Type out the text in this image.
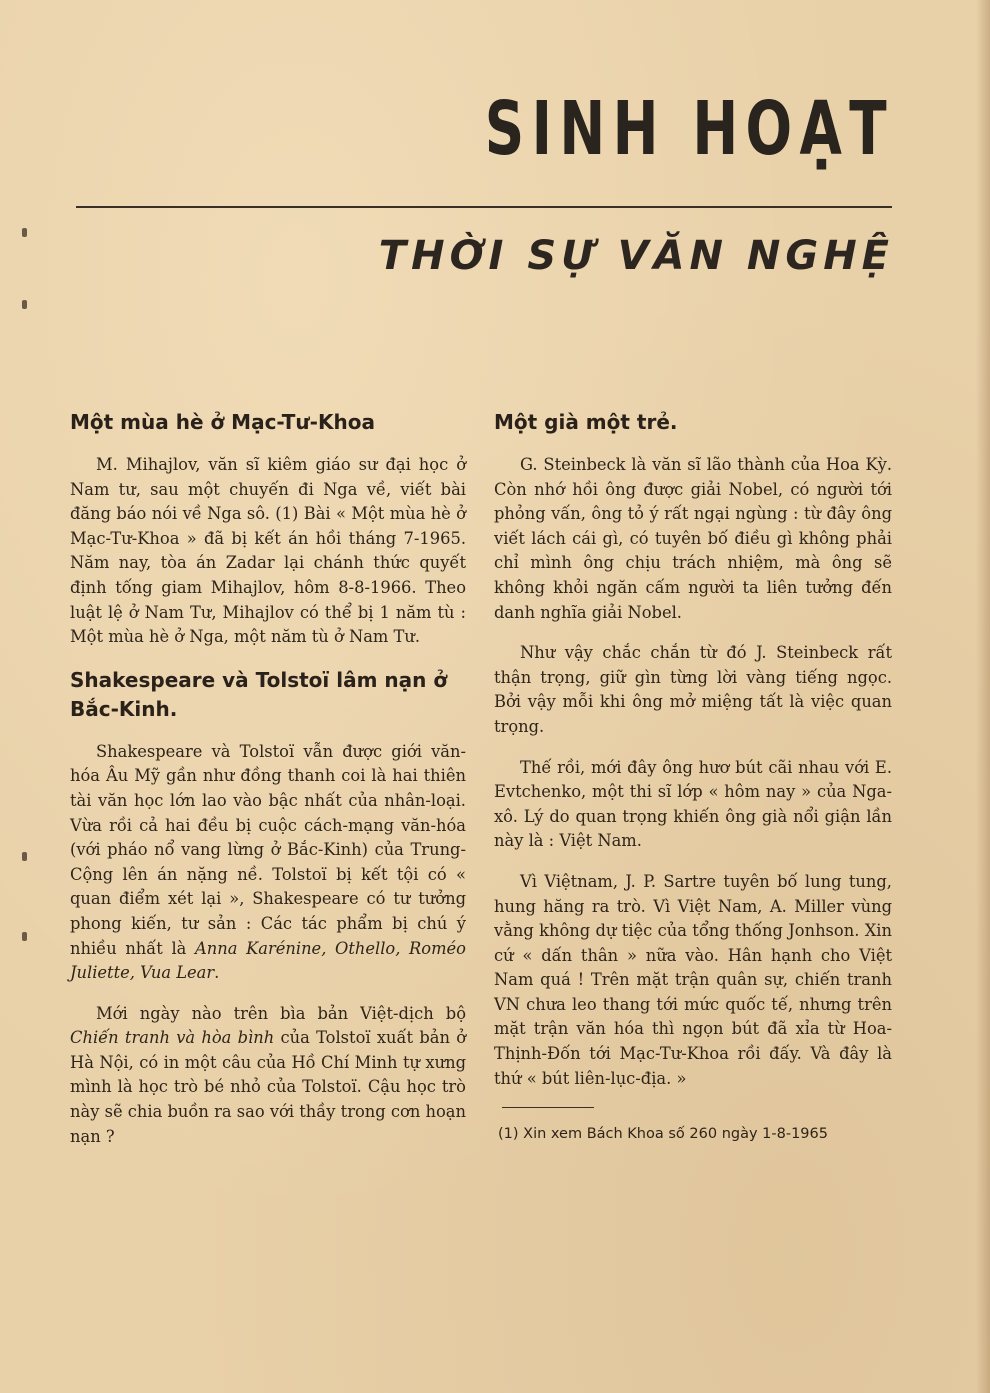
SINH HOẠT
THỜI SỰ VĂN NGHỆ
Một mùa hè ở Mạc-Tư-Khoa

M. Mihajlov, văn sĩ kiêm giáo sư đại học ở Nam tư, sau một chuyến đi Nga về, viết bài đăng báo nói về Nga sô. (1) Bài « Một mùa hè ở Mạc-Tư-Khoa » đã bị kết án hồi tháng 7-1965. Năm nay, tòa án Zadar lại chánh thức quyết định tống giam Mihajlov, hôm 8-8-1966. Theo luật lệ ở Nam Tư, Mihajlov có thể bị 1 năm tù : Một mùa hè ở Nga, một năm tù ở Nam Tư.

Shakespeare và Tolstoï lâm nạn ở Bắc-Kinh.

Shakespeare và Tolstoï vẫn được giới văn-hóa Âu Mỹ gần như đồng thanh coi là hai thiên tài văn học lớn lao vào bậc nhất của nhân-loại. Vừa rồi cả hai đều bị cuộc cách-mạng văn-hóa (với pháo nổ vang lừng ở Bắc-Kinh) của Trung-Cộng lên án nặng nề. Tolstoï bị kết tội có « quan điểm xét lại », Shakespeare có tư tưởng phong kiến, tư sản : Các tác phẩm bị chú ý nhiều nhất là Anna Karénine, Othello, Roméo Juliette, Vua Lear.

Mới ngày nào trên bìa bản Việt-dịch bộ Chiến tranh và hòa bình của Tolstoï xuất bản ở Hà Nội, có in một câu của Hồ Chí Minh tự xưng mình là học trò bé nhỏ của Tolstoï. Cậu học trò này sẽ chia buồn ra sao với thầy trong cơn hoạn nạn ?

Một già một trẻ.

G. Steinbeck là văn sĩ lão thành của Hoa Kỳ. Còn nhớ hồi ông được giải Nobel, có người tới phỏng vấn, ông tỏ ý rất ngại ngùng : từ đây ông viết lách cái gì, có tuyên bố điều gì không phải chỉ mình ông chịu trách nhiệm, mà ông sẽ không khỏi ngăn cấm người ta liên tưởng đến danh nghĩa giải Nobel.

Như vậy chắc chắn từ đó J. Steinbeck rất thận trọng, giữ gìn từng lời vàng tiếng ngọc. Bởi vậy mỗi khi ông mở miệng tất là việc quan trọng.

Thế rồi, mới đây ông hươ bút cãi nhau với E. Evtchenko, một thi sĩ lớp « hôm nay » của Nga-xô. Lý do quan trọng khiến ông già nổi giận lần này là : Việt Nam.

Vì Việtnam, J. P. Sartre tuyên bố lung tung, hung hăng ra trò. Vì Việt Nam, A. Miller vùng vằng không dự tiệc của tổng thống Jonhson. Xin cứ « dấn thân » nữa vào. Hân hạnh cho Việt Nam quá ! Trên mặt trận quân sự, chiến tranh VN chưa leo thang tới mức quốc tế, nhưng trên mặt trận văn hóa thì ngọn bút đã xỉa từ Hoa-Thịnh-Đốn tới Mạc-Tư-Khoa rồi đấy. Và đây là thứ « bút liên-lục-địa. »

(1) Xin xem Bách Khoa số 260 ngày 1-8-1965
